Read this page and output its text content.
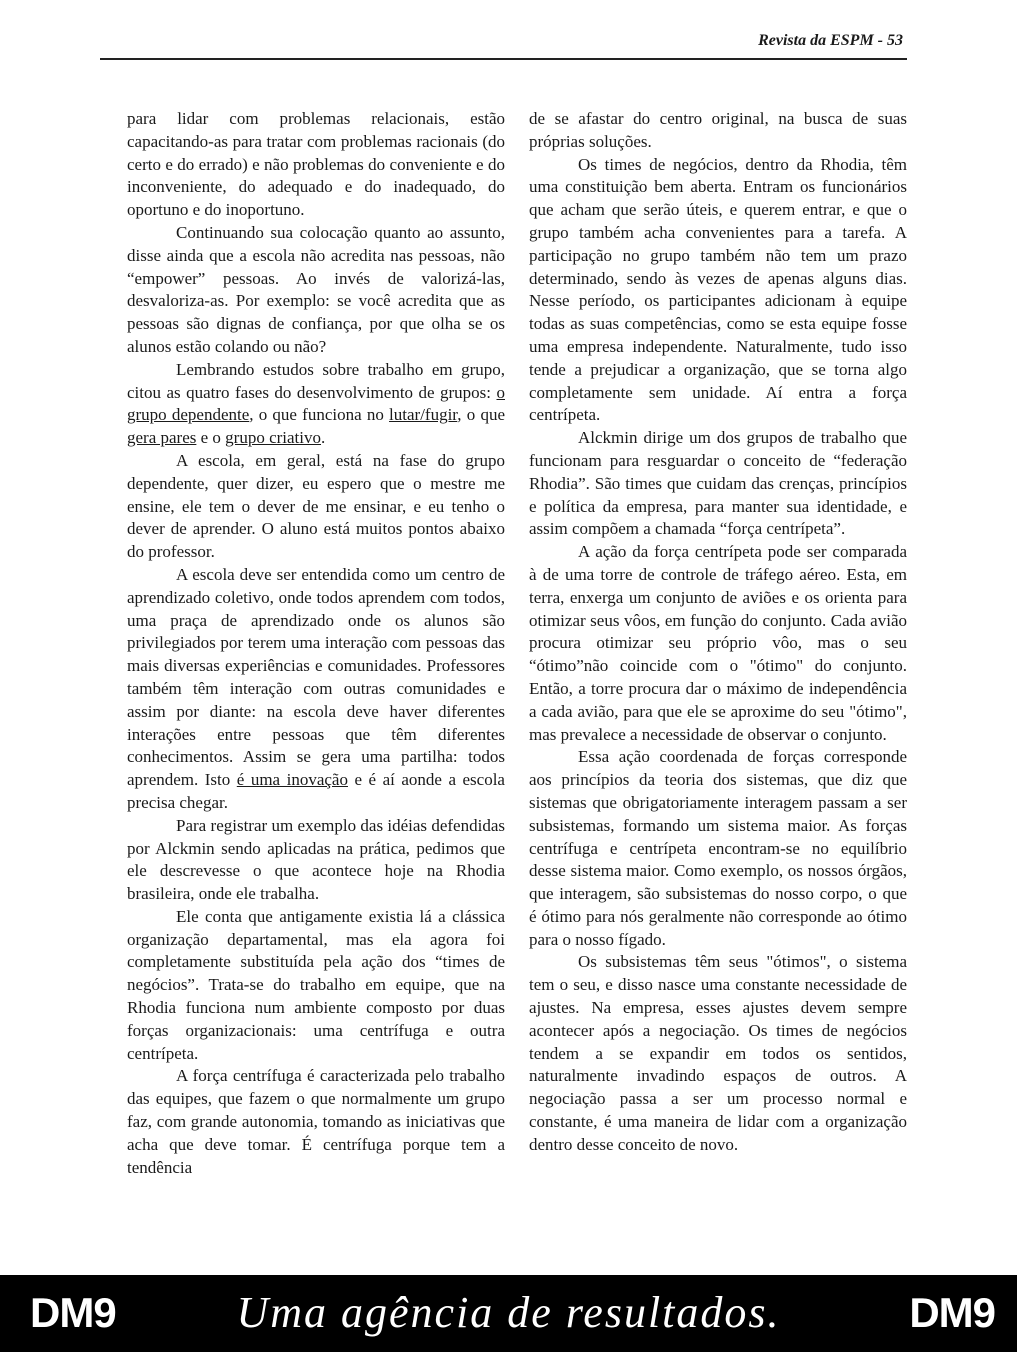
Revista da ESPM - 53

para lidar com problemas relacionais, estão capacitando-as para tratar com problemas racionais (do certo e do errado) e não problemas do conveniente e do inconveniente, do adequado e do inadequado, do oportuno e do inoportuno.

Continuando sua colocação quanto ao assunto, disse ainda que a escola não acredita nas pessoas, não “empower” pessoas. Ao invés de valorizá-las, desvaloriza-as. Por exemplo: se você acredita que as pessoas são dignas de confiança, por que olha se os alunos estão colando ou não?

Lembrando estudos sobre trabalho em grupo, citou as quatro fases do desenvolvimento de grupos: o grupo dependente, o que funciona no lutar/fugir, o que gera pares e o grupo criativo.

A escola, em geral, está na fase do grupo dependente, quer dizer, eu espero que o mestre me ensine, ele tem o dever de me ensinar, e eu tenho o dever de aprender. O aluno está muitos pontos abaixo do professor.

A escola deve ser entendida como um centro de aprendizado coletivo, onde todos aprendem com todos, uma praça de aprendizado onde os alunos são privilegiados por terem uma interação com pessoas das mais diversas experiências e comunidades. Professores também têm interação com outras comunidades e assim por diante: na escola deve haver diferentes interações entre pessoas que têm diferentes conhecimentos. Assim se gera uma partilha: todos aprendem. Isto é uma inovação e é aí aonde a escola precisa chegar.

Para registrar um exemplo das idéias defendidas por Alckmin sendo aplicadas na prática, pedimos que ele descrevesse o que acontece hoje na Rhodia brasileira, onde ele trabalha.

Ele conta que antigamente existia lá a clássica organização departamental, mas ela agora foi completamente substituída pela ação dos “times de negócios”. Trata-se do trabalho em equipe, que na Rhodia funciona num ambiente composto por duas forças organizacionais: uma centrífuga e outra centrípeta.

A força centrífuga é caracterizada pelo trabalho das equipes, que fazem o que normalmente um grupo faz, com grande autonomia, tomando as iniciativas que acha que deve tomar. É centrífuga porque tem a tendência

de se afastar do centro original, na busca de suas próprias soluções.

Os times de negócios, dentro da Rhodia, têm uma constituição bem aberta. Entram os funcionários que acham que serão úteis, e querem entrar, e que o grupo também acha convenientes para a tarefa. A participação no grupo também não tem um prazo determinado, sendo às vezes de apenas alguns dias. Nesse período, os participantes adicionam à equipe todas as suas competências, como se esta equipe fosse uma empresa independente. Naturalmente, tudo isso tende a prejudicar a organização, que se torna algo completamente sem unidade. Aí entra a força centrípeta.

Alckmin dirige um dos grupos de trabalho que funcionam para resguardar o conceito de “federação Rhodia”. São times que cuidam das crenças, princípios e política da empresa, para manter sua identidade, e assim compõem a chamada “força centrípeta”.

A ação da força centrípeta pode ser comparada à de uma torre de controle de tráfego aéreo. Esta, em terra, enxerga um conjunto de aviões e os orienta para otimizar seus vôos, em função do conjunto. Cada avião procura otimizar seu próprio vôo, mas o seu “ótimo”não coincide com o "ótimo" do conjunto. Então, a torre procura dar o máximo de independência a cada avião, para que ele se aproxime do seu "ótimo", mas prevalece a necessidade de observar o conjunto.

Essa ação coordenada de forças corresponde aos princípios da teoria dos sistemas, que diz que sistemas que obrigatoriamente interagem passam a ser subsistemas, formando um sistema maior. As forças centrífuga e centrípeta encontram-se no equilíbrio desse sistema maior. Como exemplo, os nossos órgãos, que interagem, são subsistemas do nosso corpo, o que é ótimo para nós geralmente não corresponde ao ótimo para o nosso fígado.

Os subsistemas têm seus "ótimos", o sistema tem o seu, e disso nasce uma constante necessidade de ajustes. Na empresa, esses ajustes devem sempre acontecer após a negociação. Os times de negócios tendem a se expandir em todos os sentidos, naturalmente invadindo espaços de outros. A negociação passa a ser um processo normal e constante, é uma maneira de lidar com a organização dentro desse conceito de novo.

DM9	Uma agência de resultados.	DM9
